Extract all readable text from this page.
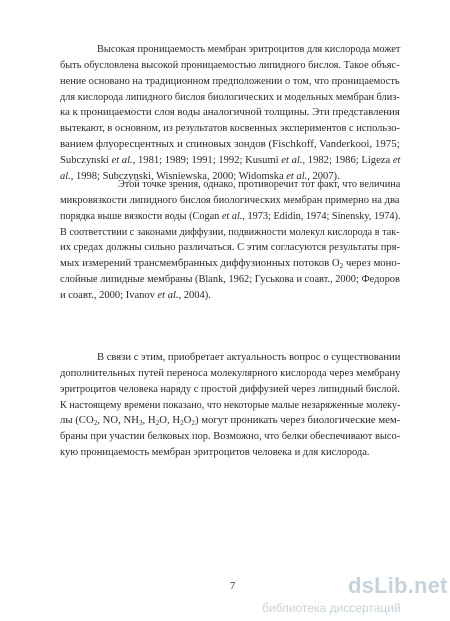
Высокая проницаемость мембран эритроцитов для кислорода может
быть обусловлена высокой проницаемостью липидного бислоя. Такое объяс-
нение основано на традиционном предположении о том, что проницаемость
для кислорода липидного бислоя биологических и модельных мембран близ-
ка к проницаемости слоя воды аналогичной толщины. Эти представления
вытекают, в основном, из результатов косвенных экспериментов с использо-
ванием флуоресцентных и спиновых зондов (Fischkoff, Vanderkooi, 1975;
Subczynski et al., 1981; 1989; 1991; 1992; Kusumi et al., 1982; 1986; Ligeza et
al., 1998; Subczynski, Wisniewska, 2000; Widomska et al., 2007).
Этой точке зрения, однако, противоречит тот факт, что величина
микровязкости липидного бислоя биологических мембран примерно на два
порядка выше вязкости воды (Cogan et al., 1973; Edidin, 1974; Sinensky, 1974).
В соответствии с законами диффузии, подвижности молекул кислорода в так-
их средах должны сильно различаться. С этим согласуются результаты пря-
мых измерений трансмембранных диффузионных потоков $O_2$ через моно-
слойные липидные мембраны (Blank, 1962; Гуськова и соавт., 2000; Федоров
и соавт., 2000; Ivanov et al., 2004).
В связи с этим, приобретает актуальность вопрос о существовании
дополнительных путей переноса молекулярного кислорода через мембрану
эритроцитов человека наряду с простой диффузией через липидный бислой.
К настоящему времени показано, что некоторые малые незаряженные молеку-
лы ($CO_2$, NO, $NH_3$, $H_2O$, $H_2O_2$) могут проникать через биологические мем-
браны при участии белковых пор. Возможно, что белки обеспечивают высо-
кую проницаемость мембран эритроцитов человека и для кислорода.
7	dsLib.net
библиотека диссертаций
